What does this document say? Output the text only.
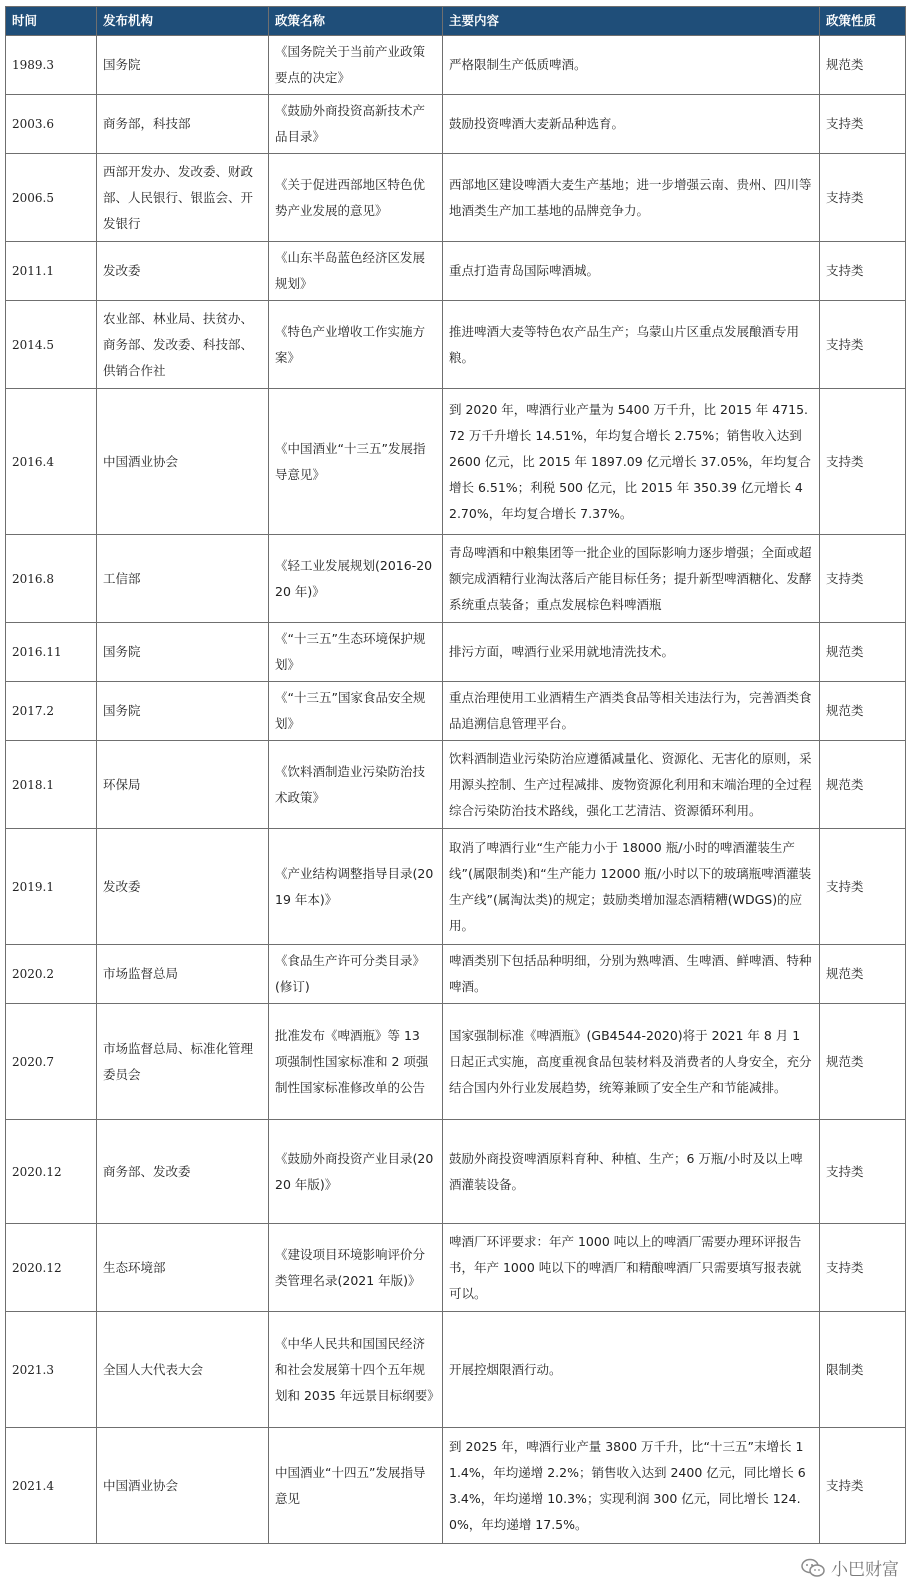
时间	发布机构	政策名称	主要内容	政策性质
1989.3	国务院	《国务院关于当前产业政策要点的决定》	严格限制生产低质啤酒。	规范类
2003.6	商务部，科技部	《鼓励外商投资高新技术产品目录》	鼓励投资啤酒大麦新品种选育。	支持类
2006.5	西部开发办、发改委、财政部、人民银行、银监会、开发银行	《关于促进西部地区特色优势产业发展的意见》	西部地区建设啤酒大麦生产基地；进一步增强云南、贵州、四川等地酒类生产加工基地的品牌竞争力。	支持类
2011.1	发改委	《山东半岛蓝色经济区发展规划》	重点打造青岛国际啤酒城。	支持类
2014.5	农业部、林业局、扶贫办、商务部、发改委、科技部、供销合作社	《特色产业增收工作实施方案》	推进啤酒大麦等特色农产品生产；乌蒙山片区重点发展酿酒专用粮。	支持类
2016.4	中国酒业协会	《中国酒业“十三五”发展指导意见》	到 2020 年，啤酒行业产量为 5400 万千升，比 2015 年 4715.72 万千升增长 14.51%，年均复合增长 2.75%；销售收入达到 2600 亿元，比 2015 年 1897.09 亿元增长 37.05%，年均复合增长 6.51%；利税 500 亿元，比 2015 年 350.39 亿元增长 42.70%，年均复合增长 7.37%。	支持类
2016.8	工信部	《轻工业发展规划(2016-2020 年)》	青岛啤酒和中粮集团等一批企业的国际影响力逐步增强；全面或超额完成酒精行业淘汰落后产能目标任务；提升新型啤酒糖化、发酵系统重点装备；重点发展棕色料啤酒瓶	支持类
2016.11	国务院	《“十三五”生态环境保护规划》	排污方面，啤酒行业采用就地清洗技术。	规范类
2017.2	国务院	《“十三五”国家食品安全规划》	重点治理使用工业酒精生产酒类食品等相关违法行为，完善酒类食品追溯信息管理平台。	规范类
2018.1	环保局	《饮料酒制造业污染防治技术政策》	饮料酒制造业污染防治应遵循减量化、资源化、无害化的原则，采用源头控制、生产过程减排、废物资源化利用和末端治理的全过程综合污染防治技术路线，强化工艺清洁、资源循环利用。	规范类
2019.1	发改委	《产业结构调整指导目录(2019 年本)》	取消了啤酒行业“生产能力小于 18000 瓶/小时的啤酒灌装生产线”(属限制类)和“生产能力 12000 瓶/小时以下的玻璃瓶啤酒灌装生产线”(属淘汰类)的规定；鼓励类增加湿态酒精糟(WDGS)的应用。	支持类
2020.2	市场监督总局	《食品生产许可分类目录》(修订)	啤酒类别下包括品种明细，分别为熟啤酒、生啤酒、鲜啤酒、特种啤酒。	规范类
2020.7	市场监督总局、标准化管理委员会	批准发布《啤酒瓶》等 13 项强制性国家标准和 2 项强制性国家标准修改单的公告	国家强制标准《啤酒瓶》(GB4544-2020)将于 2021 年 8 月 1 日起正式实施，高度重视食品包装材料及消费者的人身安全，充分结合国内外行业发展趋势，统筹兼顾了安全生产和节能减排。	规范类
2020.12	商务部、发改委	《鼓励外商投资产业目录(2020 年版)》	鼓励外商投资啤酒原料育种、种植、生产；6 万瓶/小时及以上啤酒灌装设备。	支持类
2020.12	生态环境部	《建设项目环境影响评价分类管理名录(2021 年版)》	啤酒厂环评要求：年产 1000 吨以上的啤酒厂需要办理环评报告书，年产 1000 吨以下的啤酒厂和精酿啤酒厂只需要填写报表就可以。	支持类
2021.3	全国人大代表大会	《中华人民共和国国民经济和社会发展第十四个五年规划和 2035 年远景目标纲要》	开展控烟限酒行动。	限制类
2021.4	中国酒业协会	中国酒业“十四五”发展指导意见	到 2025 年，啤酒行业产量 3800 万千升，比“十三五”末增长 11.4%，年均递增 2.2%；销售收入达到 2400 亿元，同比增长 63.4%，年均递增 10.3%；实现利润 300 亿元，同比增长 124.0%，年均递增 17.5%。	支持类
小巴财富
